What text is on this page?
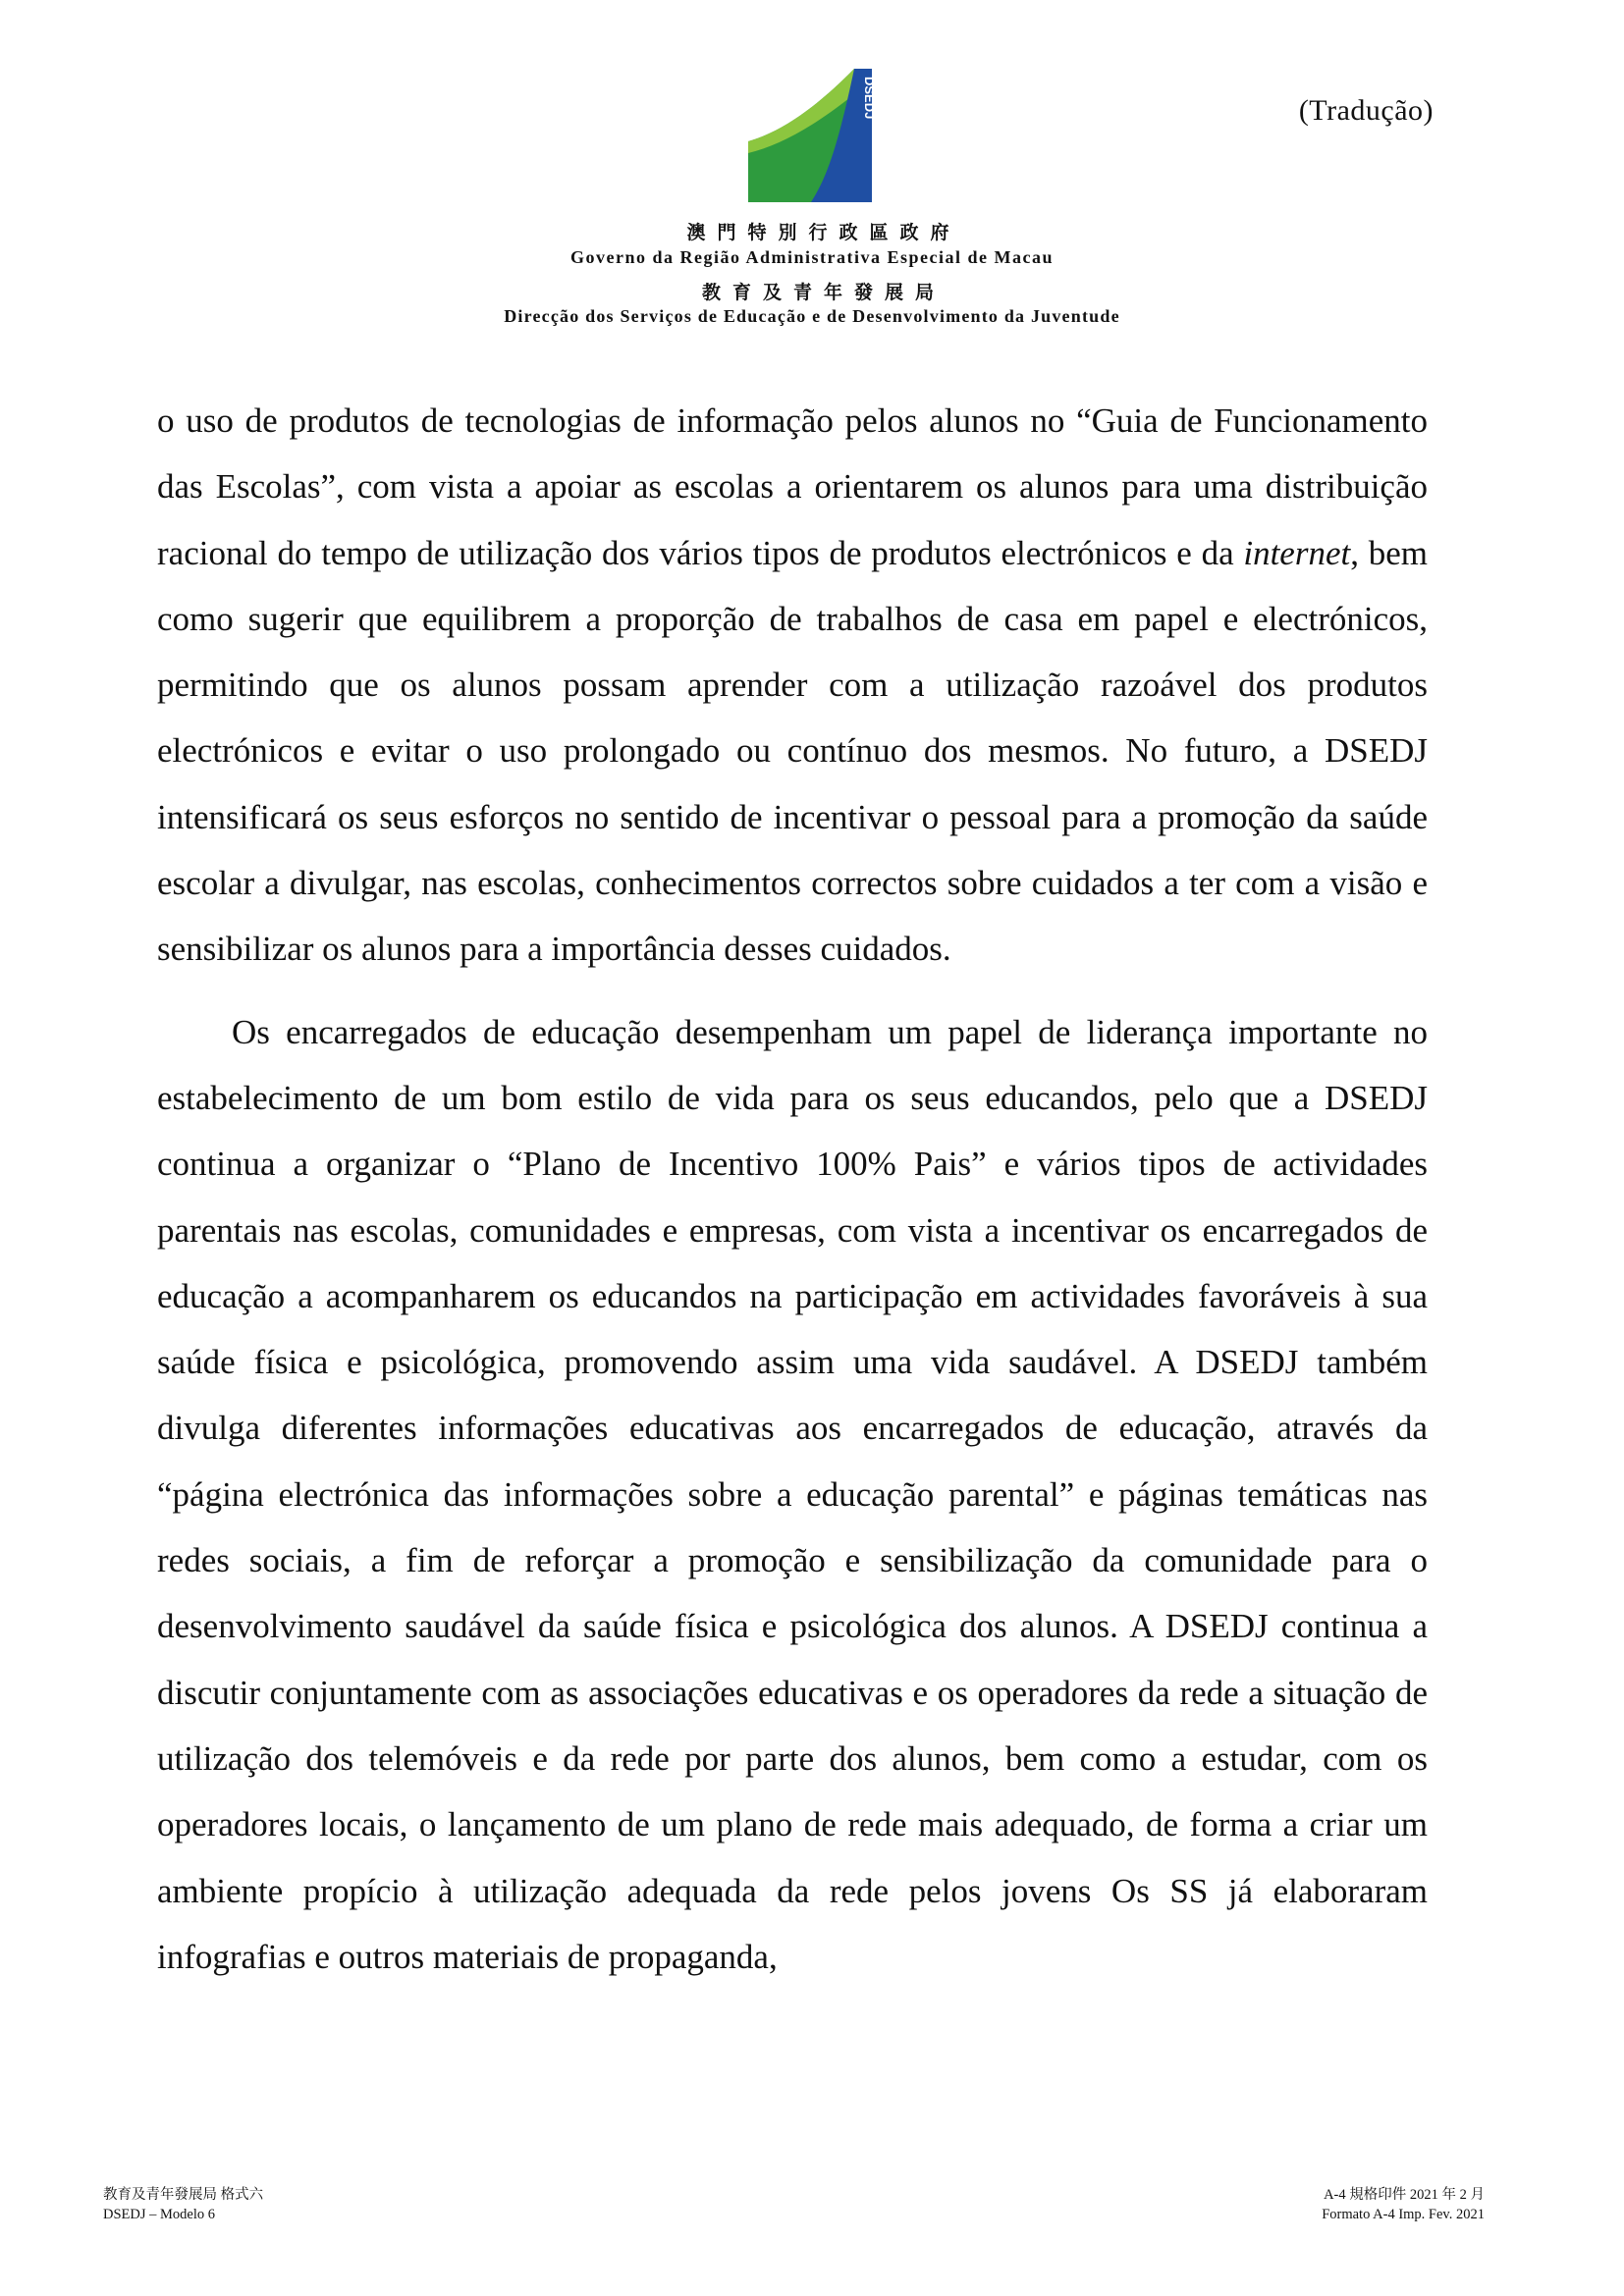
(Tradução)
DSEDJ
澳門特別行政區政府
Governo da Região Administrativa Especial de Macau
教育及青年發展局
Direcção dos Serviços de Educação e de Desenvolvimento da Juventude

o uso de produtos de tecnologias de informação pelos alunos no “Guia de Funcionamento das Escolas”, com vista a apoiar as escolas a orientarem os alunos para uma distribuição racional do tempo de utilização dos vários tipos de produtos electrónicos e da internet, bem como sugerir que equilibrem a proporção de trabalhos de casa em papel e electrónicos, permitindo que os alunos possam aprender com a utilização razoável dos produtos electrónicos e evitar o uso prolongado ou contínuo dos mesmos. No futuro, a DSEDJ intensificará os seus esforços no sentido de incentivar o pessoal para a promoção da saúde escolar a divulgar, nas escolas, conhecimentos correctos sobre cuidados a ter com a visão e sensibilizar os alunos para a importância desses cuidados.

Os encarregados de educação desempenham um papel de liderança importante no estabelecimento de um bom estilo de vida para os seus educandos, pelo que a DSEDJ continua a organizar o “Plano de Incentivo 100% Pais” e vários tipos de actividades parentais nas escolas, comunidades e empresas, com vista a incentivar os encarregados de educação a acompanharem os educandos na participação em actividades favoráveis à sua saúde física e psicológica, promovendo assim uma vida saudável. A DSEDJ também divulga diferentes informações educativas aos encarregados de educação, através da “página electrónica das informações sobre a educação parental” e páginas temáticas nas redes sociais, a fim de reforçar a promoção e sensibilização da comunidade para o desenvolvimento saudável da saúde física e psicológica dos alunos. A DSEDJ continua a discutir conjuntamente com as associações educativas e os operadores da rede a situação de utilização dos telemóveis e da rede por parte dos alunos, bem como a estudar, com os operadores locais, o lançamento de um plano de rede mais adequado, de forma a criar um ambiente propício à utilização adequada da rede pelos jovens Os SS já elaboraram infografias e outros materiais de propaganda,

教育及青年發展局 格式六
DSEDJ – Modelo 6
A-4 規格印件 2021 年 2 月
Formato A-4 Imp. Fev. 2021
